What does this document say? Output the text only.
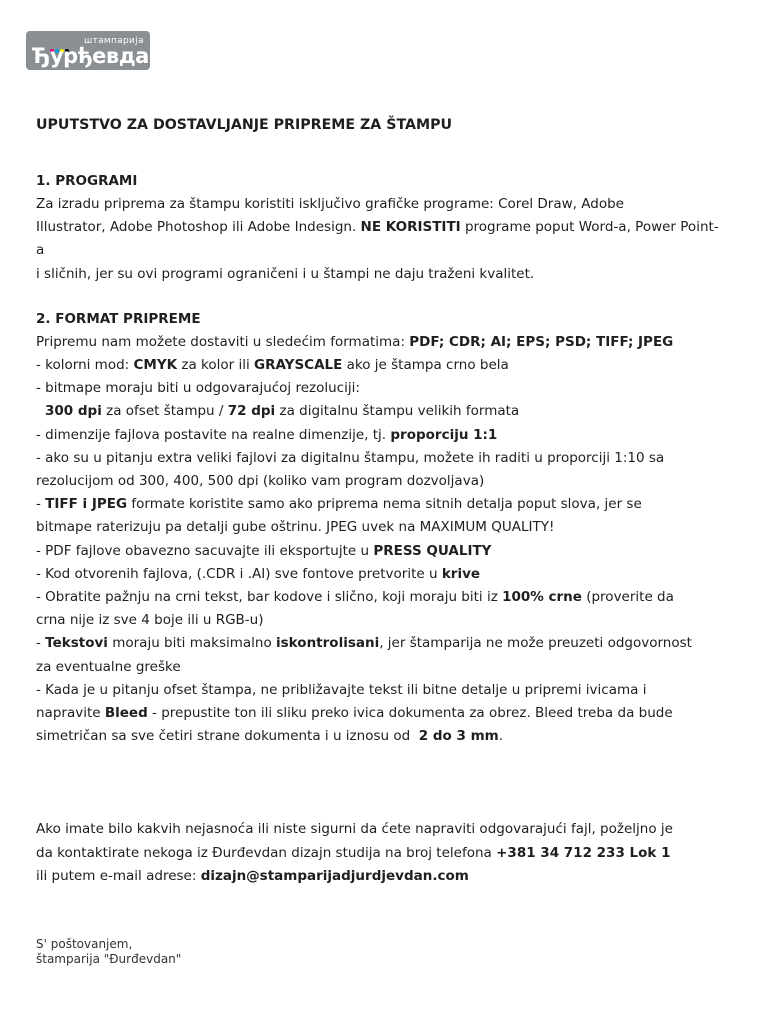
штампарија
Ђурђевдан

UPUTSTVO ZA DOSTAVLJANJE PRIPREME ZA ŠTAMPU

1. PROGRAMI

Za izradu priprema za štampu koristiti isključivo grafičke programe: Corel Draw, Adobe

Illustrator, Adobe Photoshop ili Adobe Indesign. NE KORISTITI programe poput Word-a, Power Point-a

i sličnih, jer su ovi programi ograničeni i u štampi ne daju traženi kvalitet.

2. FORMAT PRIPREME

Pripremu nam možete dostaviti u sledećim formatima: PDF; CDR; AI; EPS; PSD; TIFF; JPEG

- kolorni mod: CMYK za kolor ili GRAYSCALE ako je štampa crno bela

- bitmape moraju biti u odgovarajućoj rezoluciji:

300 dpi za ofset štampu / 72 dpi za digitalnu štampu velikih formata

- dimenzije fajlova postavite na realne dimenzije, tj. proporciju 1:1

- ako su u pitanju extra veliki fajlovi za digitalnu štampu, možete ih raditi u proporciji 1:10 sa

rezolucijom od 300, 400, 500 dpi (koliko vam program dozvoljava)

- TIFF i JPEG formate koristite samo ako priprema nema sitnih detalja poput slova, jer se

bitmape raterizuju pa detalji gube oštrinu. JPEG uvek na MAXIMUM QUALITY!

- PDF fajlove obavezno sacuvajte ili eksportujte u PRESS QUALITY

- Kod otvorenih fajlova, (.CDR i .AI) sve fontove pretvorite u krive

- Obratite pažnju na crni tekst, bar kodove i slično, koji moraju biti iz 100% crne (proverite da

crna nije iz sve 4 boje ili u RGB-u)

- Tekstovi moraju biti maksimalno iskontrolisani, jer štamparija ne može preuzeti odgovornost

za eventualne greške

- Kada je u pitanju ofset štampa, ne približavajte tekst ili bitne detalje u pripremi ivicama i

napravite Bleed - prepustite ton ili sliku preko ivica dokumenta za obrez. Bleed treba da bude

simetričan sa sve četiri strane dokumenta i u iznosu od  2 do 3 mm.

Ako imate bilo kakvih nejasnoća ili niste sigurni da ćete napraviti odgovarajući fajl, poželjno je

da kontaktirate nekoga iz Đurđevdan dizajn studija na broj telefona +381 34 712 233 Lok 1

ili putem e-mail adrese: dizajn@stamparijadjurdjevdan.com

S' poštovanjem,
štamparija "Đurđevdan"
